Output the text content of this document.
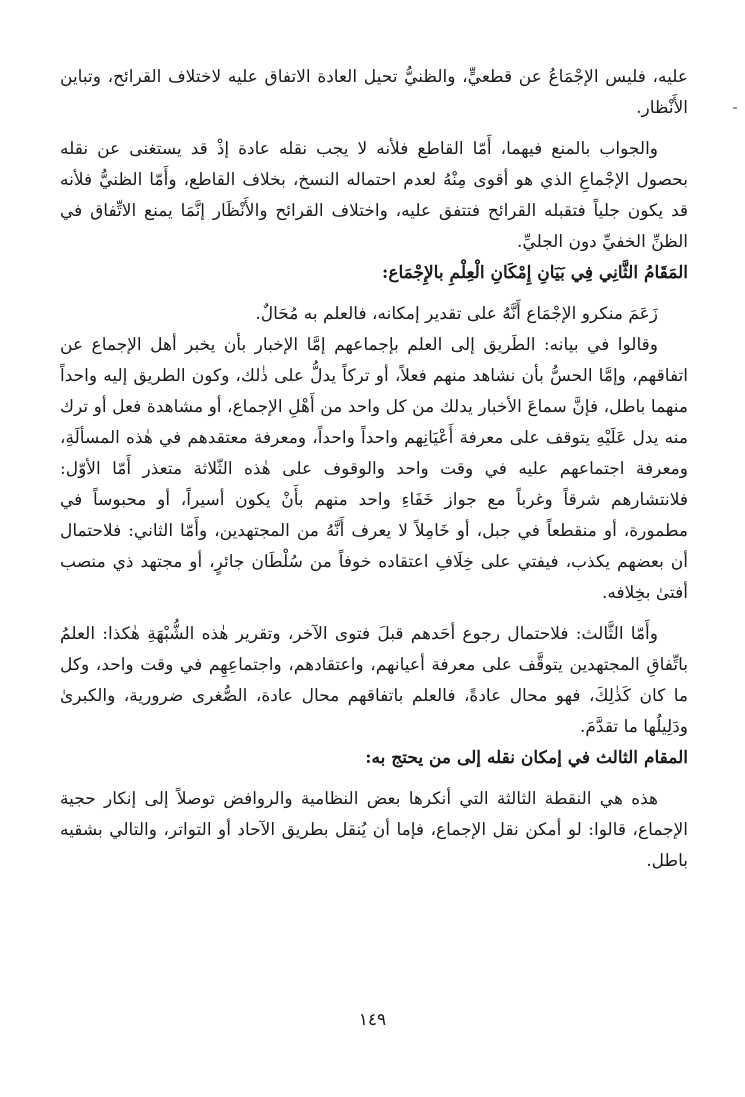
عليه، فليس الإجْمَاعُ عن قطعيٍّ، والظنيُّ تحيل العادة الاتفاق عليه لاختلاف القرائح، وتباين الأَنْظار.

والجواب بالمنع فيهما، أَمّا القاطع فلأنه لا يجب نقله عادة إذْ قد يستغنى عن نقله بحصول الإجْماعِ الذي هو أقوى مِنْهُ لعدم احتماله النسخ، بخلاف القاطع، وأَمّا الظنيُّ فلأنه قد يكون جلياً فتقبله القرائح فتتفق عليه، واختلاف القرائح والأَنْظَار إنَّمَا يمنع الاتِّفاق في الظنِّ الخفيِّ دون الجليِّ.

المَقَامُ الثَّانِي فِي بَيَانِ إِمْكَانِ الْعِلْمِ بالإِجْمَاع:

زَعَمَ منكرو الإجْمَاع أَنَّهُ على تقدير إمكانه، فالعلم به مُحَالٌ.

وقالوا في بيانه: الطَريق إلى العلم بإجماعهم إمَّا الإخبار بأن يخبر أهل الإجماع عن اتفاقهم، وإمَّا الحسُّ بأن نشاهد منهم فعلاً، أو تركاً يدلُّ على ذٰلك، وكون الطريق إليه واحداً منهما باطل، فإنَّ سماعَ الأخبار يدلك من كل واحد من أَهْلِ الإجماع، أو مشاهدة فعل أو ترك منه يدل عَلَيْهِ يتوقف على معرفة أَعْيَانِهم واحداً واحداً، ومعرفة معتقدهم في هٰذه المسألَةِ، ومعرفة اجتماعهم عليه في وقت واحد والوقوف على هٰذه الثّلاثة متعذر أَمّا الأوّل: فلانتشارهم شرقاً وغرباً مع جواز خَفَاءِ واحد منهم بأَنْ يكون أسيراً، أو محبوساً في مطمورة، أو منقطعاً في جبل، أو خَامِلاً لا يعرف أَنَّهُ من المجتهدين، وأَمّا الثاني: فلاحتمال أن بعضهم يكذب، فيفتي على خِلَافِ اعتقاده خوفاً من سُلْطَان جائرٍ، أو مجتهد ذي منصب أفتىٰ بخِلافه.

وأَمّا الثَّالث: فلاحتمال رجوع أحَدهم قبلَ فتوى الآخر، وتقرير هٰذه الشُّبْهَةِ هٰكذا: العلمُ باتِّفاقِ المجتهدين يتوقَّف على معرفة أعيانهم، واعتقادهم، واجتماعِهِم في وقت واحد، وكل ما كان كَذٰلِكَ، فهو محال عادةً، فالعلم باتفاقهم محال عادة، الصُّغرى ضرورية، والكبرىٰ ودَلِيلُها ما تقدَّمَ.

المقام الثالث في إمكان نقله إلى من يحتج به:

هذه هي النقطة الثالثة التي أنكرها بعض النظامية والروافض توصلاً إلى إنكار حجية الإجماع، قالوا: لو أمكن نقل الإجماع، فإما أن يُنقل بطريق الآحاد أو التواتر، والتالي بشقيه باطل.

١٤٩
